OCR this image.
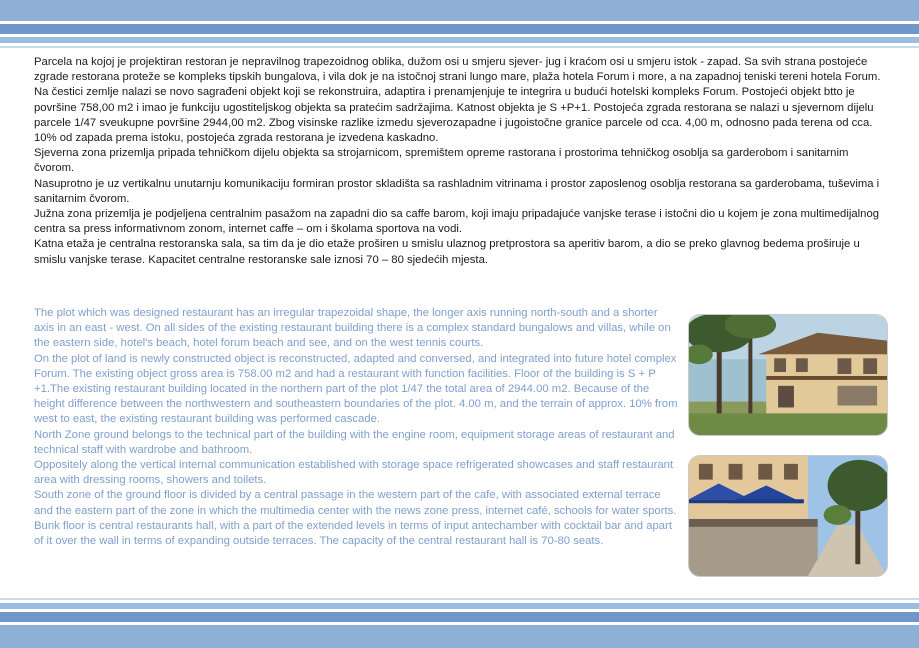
Parcela na kojoj je projektiran restoran je nepravilnog trapezoidnog oblika, dužom osi u smjeru sjever- jug i kraćom osi u smjeru istok - zapad. Sa svih strana postojeće zgrade restorana proteže se kompleks tipskih bungalova, i vila dok je na istočnoj strani lungo mare, plaža hotela Forum i more, a na zapadnoj teniski tereni hotela Forum.

Na čestici zemlje nalazi se novo sagrađeni objekt koji se rekonstruira, adaptira i prenamjenjuje te integrira u budući hotelski kompleks Forum. Postojeći objekt btto je površine 758,00 m2 i imao je funkciju ugostiteljskog objekta sa pratećim sadržajima. Katnost objekta je S +P+1. Postojeća zgrada restorana se nalazi u sjevernom dijelu parcele 1/47 sveukupne površine 2944,00 m2. Zbog visinske razlike izmedu sjeverozapadne i jugoistočne granice parcele od cca. 4,00 m, odnosno pada terena od cca. 10% od zapada prema istoku, postojeća zgrada restorana je izvedena kaskadno.

Sjeverna zona prizemlja pripada tehničkom dijelu objekta sa strojarnicom, spremištem opreme rastorana i prostorima tehničkog osoblja sa garderobom i sanitarnim čvorom.

Nasuprotno je uz vertikalnu unutarnju komunikaciju formiran prostor skladišta sa rashladnim vitrinama i prostor zaposlenog osoblja restorana sa garderobama, tuševima i sanitarnim čvorom.

Južna zona prizemlja je podjeljena centralnim pasažom na zapadni dio sa caffe barom, koji imaju pripadajuće vanjske terase i istočni dio u kojem je zona multimedijalnog centra sa press informativnom zonom, internet caffe – om i školama sportova na vodi.

Katna etaža je centralna restoranska sala, sa tim da je dio etaže proširen u smislu ulaznog pretprostora sa aperitiv barom, a dio se preko glavnog bedema proširuje u smislu vanjske terase. Kapacitet centralne restoranske sale iznosi 70 – 80 sjedećih mjesta.

The plot which was designed restaurant has an irregular trapezoidal shape, the longer axis running north-south and a shorter axis in an east - west. On all sides of the existing restaurant building there is a complex standard bungalows and villas, while on the eastern side, hotel's beach, hotel forum beach and see, and on the west tennis courts.

On the plot of land is newly constructed object is reconstructed, adapted and conversed, and integrated into future hotel complex Forum. The existing object gross area is 758.00 m2 and had a restaurant with function facilities. Floor of the building is S + P +1.The existing restaurant building located in the northern part of the plot 1/47 the total area of 2944.00 m2. Because of the height difference between the northwestern and southeastern boundaries of the plot. 4.00 m, and the terrain of approx. 10% from west to east, the existing restaurant building was performed cascade.

North Zone ground belongs to the technical part of the building with the engine room, equipment storage areas of restaurant and technical staff with wardrobe and bathroom.

Oppositely along the vertical internal communication established with storage space refrigerated showcases and staff restaurant area with dressing rooms, showers and toilets.

South zone of the ground floor is divided by a central passage in the western part of the cafe, with associated external terrace and the eastern part of the zone in which the multimedia center with the news zone press, internet café, schools for water sports.

Bunk floor is central restaurants hall, with a part of the extended levels in terms of input antechamber with cocktail bar and apart of it over the wall in terms of expanding outside terraces. The capacity of the central restaurant hall is 70-80 seats.
